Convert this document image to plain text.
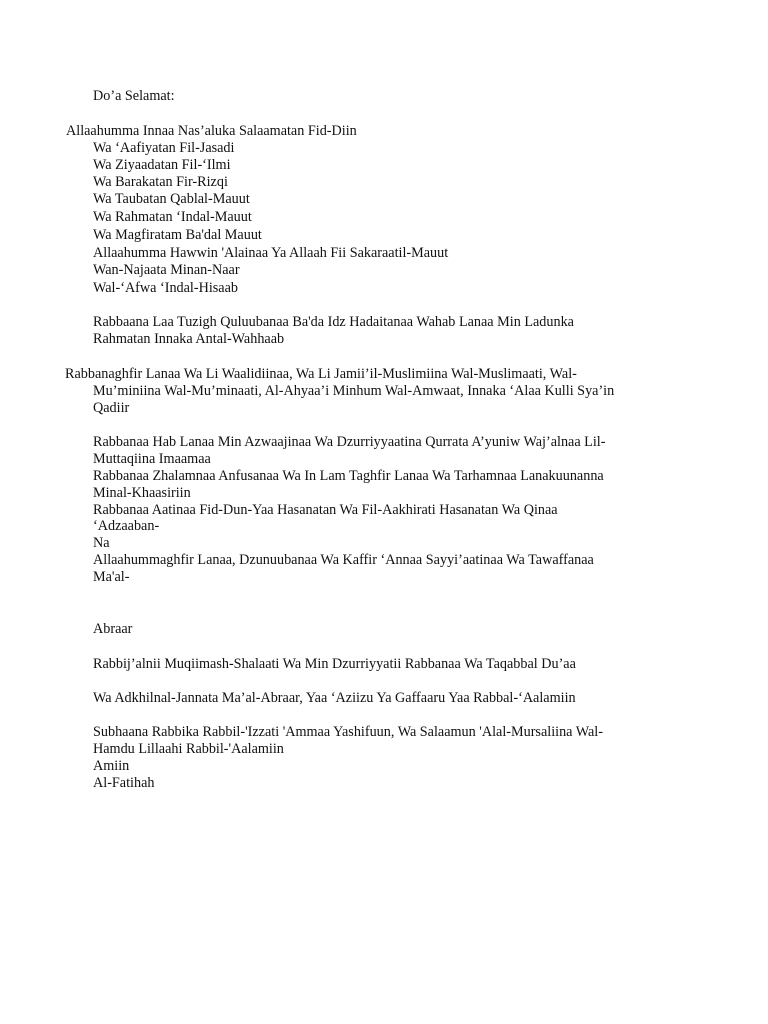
Do’a Selamat:
Allaahumma Innaa Nas’aluka Salaamatan Fid-Diin
Wa ‘Aafiyatan Fil-Jasadi
Wa Ziyaadatan Fil-‘Ilmi
Wa Barakatan Fir-Rizqi
Wa Taubatan Qablal-Mauut
Wa Rahmatan ‘Indal-Mauut
Wa Magfiratam Ba'dal Mauut
Allaahumma Hawwin 'Alainaa Ya Allaah Fii Sakaraatil-Mauut
Wan-Najaata Minan-Naar
Wal-‘Afwa ‘Indal-Hisaab
Rabbaana Laa Tuzigh Quluubanaa Ba'da Idz Hadaitanaa Wahab Lanaa Min Ladunka
Rahmatan Innaka Antal-Wahhaab
Rabbanaghfir Lanaa Wa Li Waalidiinaa, Wa Li Jamii’il-Muslimiina Wal-Muslimaati, Wal-
Mu’miniina Wal-Mu’minaati, Al-Ahyaa’i Minhum Wal-Amwaat, Innaka ‘Alaa Kulli Sya’in
Qadiir
Rabbanaa Hab Lanaa Min Azwaajinaa Wa Dzurriyyaatina Qurrata A’yuniw Waj’alnaa Lil-
Muttaqiina Imaamaa
Rabbanaa Zhalamnaa Anfusanaa Wa In Lam Taghfir Lanaa Wa Tarhamnaa Lanakuunanna
Minal-Khaasiriin
Rabbanaa Aatinaa Fid-Dun-Yaa Hasanatan Wa Fil-Aakhirati Hasanatan Wa Qinaa
‘Adzaaban-
Na
Allaahummaghfir Lanaa, Dzunuubanaa Wa Kaffir ‘Annaa Sayyi’aatinaa Wa Tawaffanaa
Ma'al-
Abraar
Rabbij’alnii Muqiimash-Shalaati Wa Min Dzurriyyatii Rabbanaa Wa Taqabbal Du’aa
Wa Adkhilnal-Jannata Ma’al-Abraar, Yaa ‘Aziizu Ya Gaffaaru Yaa Rabbal-‘Aalamiin
Subhaana Rabbika Rabbil-'Izzati 'Ammaa Yashifuun, Wa Salaamun 'Alal-Mursaliina Wal-
Hamdu Lillaahi Rabbil-'Aalamiin
Amiin
Al-Fatihah
